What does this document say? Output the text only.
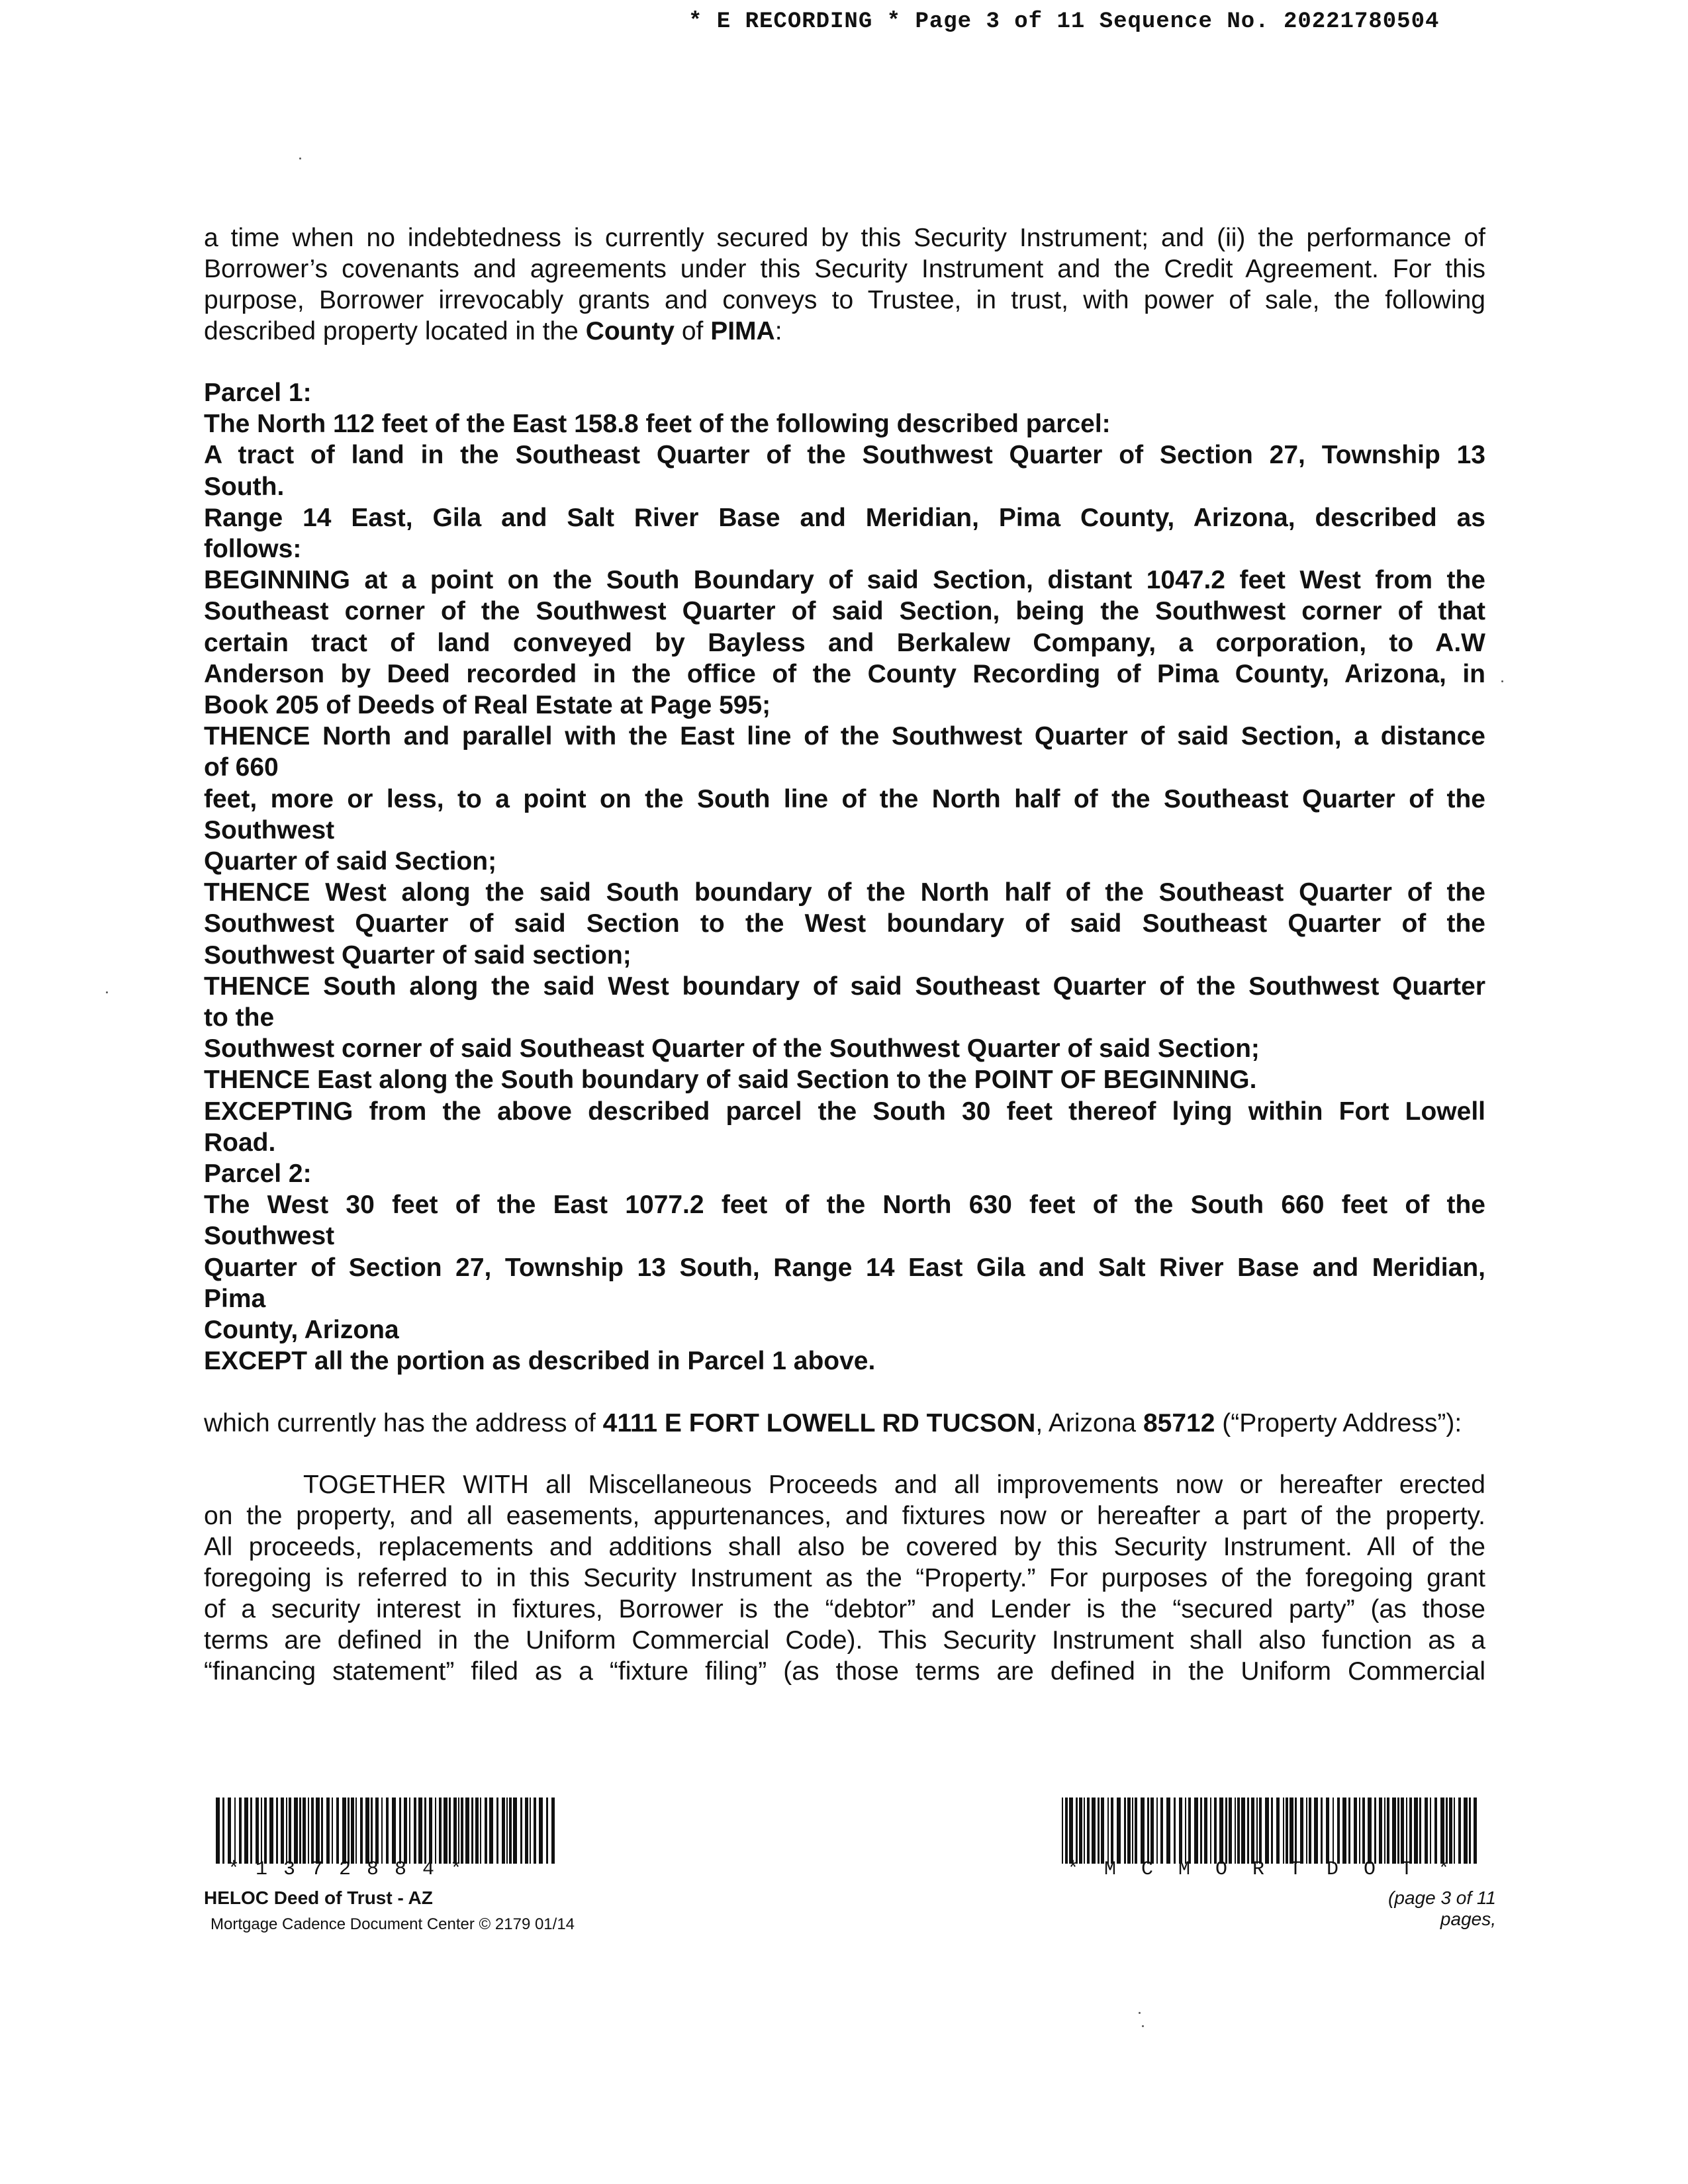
* E RECORDING * Page 3 of 11 Sequence No. 20221780504

a time when no indebtedness is currently secured by this Security Instrument; and (ii) the performance of Borrower’s covenants and agreements under this Security Instrument and the Credit Agreement. For this purpose, Borrower irrevocably grants and conveys to Trustee, in trust, with power of sale, the following described property located in the County of PIMA:

Parcel 1:
The North 112 feet of the East 158.8 feet of the following described parcel:
A tract of land in the Southeast Quarter of the Southwest Quarter of Section 27, Township 13
South.
Range 14 East, Gila and Salt River Base and Meridian, Pima County, Arizona, described as
follows:
BEGINNING at a point on the South Boundary of said Section, distant 1047.2 feet West from the
Southeast corner of the Southwest Quarter of said Section, being the Southwest corner of that
certain tract of land conveyed by Bayless and Berkalew Company, a corporation, to A.W
Anderson by Deed recorded in the office of the County Recording of Pima County, Arizona, in
Book 205 of Deeds of Real Estate at Page 595;
THENCE North and parallel with the East line of the Southwest Quarter of said Section, a distance
of 660
feet, more or less, to a point on the South line of the North half of the Southeast Quarter of the
Southwest
Quarter of said Section;
THENCE West along the said South boundary of the North half of the Southeast Quarter of the
Southwest Quarter of said Section to the West boundary of said Southeast Quarter of the
Southwest Quarter of said section;
THENCE South along the said West boundary of said Southeast Quarter of the Southwest Quarter
to the
Southwest corner of said Southeast Quarter of the Southwest Quarter of said Section;
THENCE East along the South boundary of said Section to the POINT OF BEGINNING.
EXCEPTING from the above described parcel the South 30 feet thereof lying within Fort Lowell
Road.
Parcel 2:
The West 30 feet of the East 1077.2 feet of the North 630 feet of the South 660 feet of the
Southwest
Quarter of Section 27, Township 13 South, Range 14 East Gila and Salt River Base and Meridian,
Pima
County, Arizona
EXCEPT all the portion as described in Parcel 1 above.

which currently has the address of 4111 E FORT LOWELL RD TUCSON, Arizona 85712 (“Property Address”):

TOGETHER WITH all Miscellaneous Proceeds and all improvements now or hereafter erected

on the property, and all easements, appurtenances, and fixtures now or hereafter a part of the property.

All proceeds, replacements and additions shall also be covered by this Security Instrument. All of the

foregoing is referred to in this Security Instrument as the “Property.” For purposes of the foregoing grant

of a security interest in fixtures, Borrower is the “debtor” and Lender is the “secured party” (as those

terms are defined in the Uniform Commercial Code). This Security Instrument shall also function as a

“financing statement” filed as a “fixture filing” (as those terms are defined in the Uniform Commercial

*1372884*	*MCMORTDOT*
HELOC Deed of Trust - AZ
Mortgage Cadence Document Center © 2179 01/14
(page 3 of 11 pages,
